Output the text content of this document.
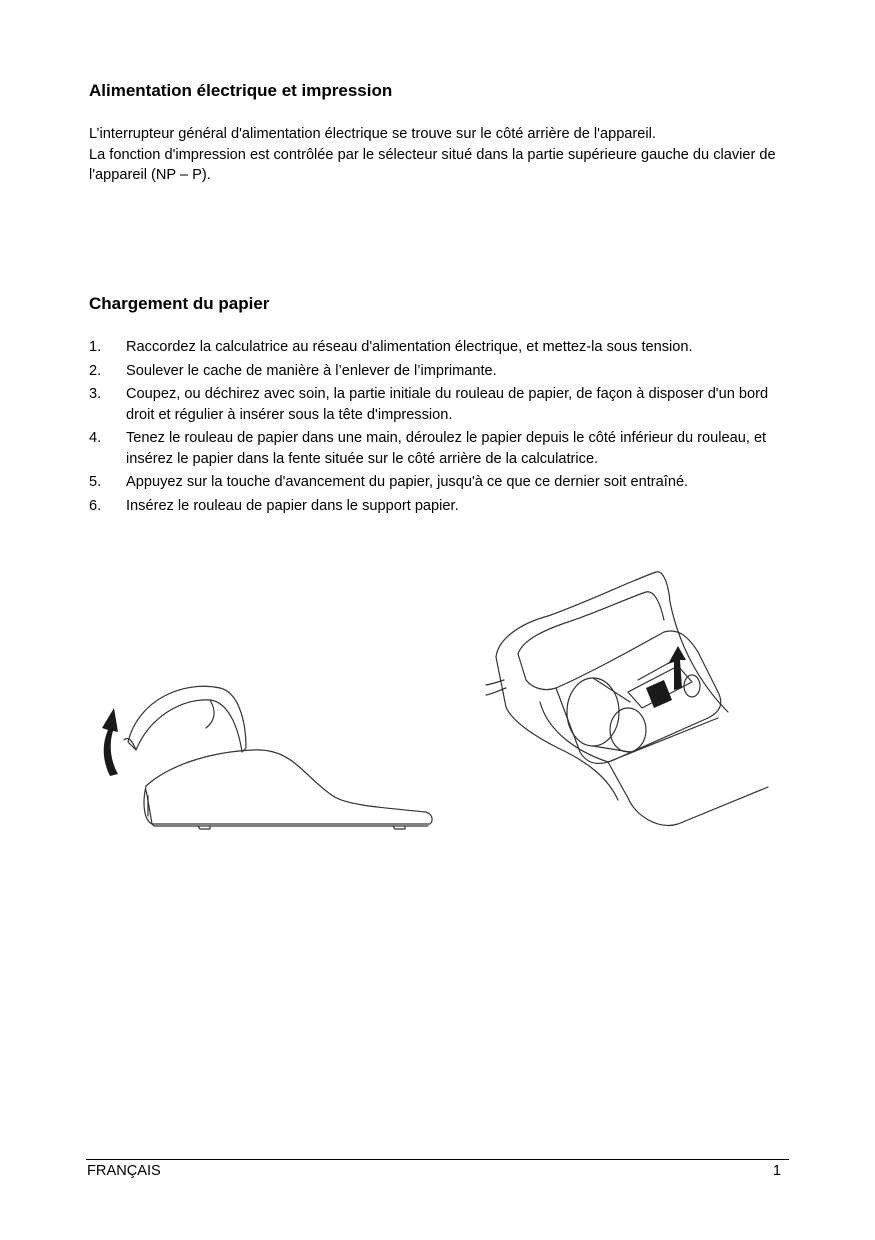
Alimentation électrique et impression

L’interrupteur général d'alimentation électrique se trouve sur le côté arrière de l'appareil.
La fonction d'impression est contrôlée par le sélecteur situé dans la partie supérieure gauche du clavier de l'appareil (NP – P).

Chargement du papier
1. Raccordez la calculatrice au réseau d'alimentation électrique, et mettez-la sous tension.
2. Soulever le cache de manière à l’enlever de l’imprimante.
3. Coupez, ou déchirez avec soin, la partie initiale du rouleau de papier, de façon à disposer d'un bord droit et régulier à insérer sous la tête d'impression.
4. Tenez le rouleau de papier dans une main, déroulez le papier depuis le côté inférieur du rouleau, et insérez le papier dans la fente située sur le côté arrière de la calculatrice.
5. Appuyez sur la touche d'avancement du papier, jusqu'à ce que ce dernier soit entraîné.
6. Insérez le rouleau de papier dans le support papier.
FRANÇAIS	1
